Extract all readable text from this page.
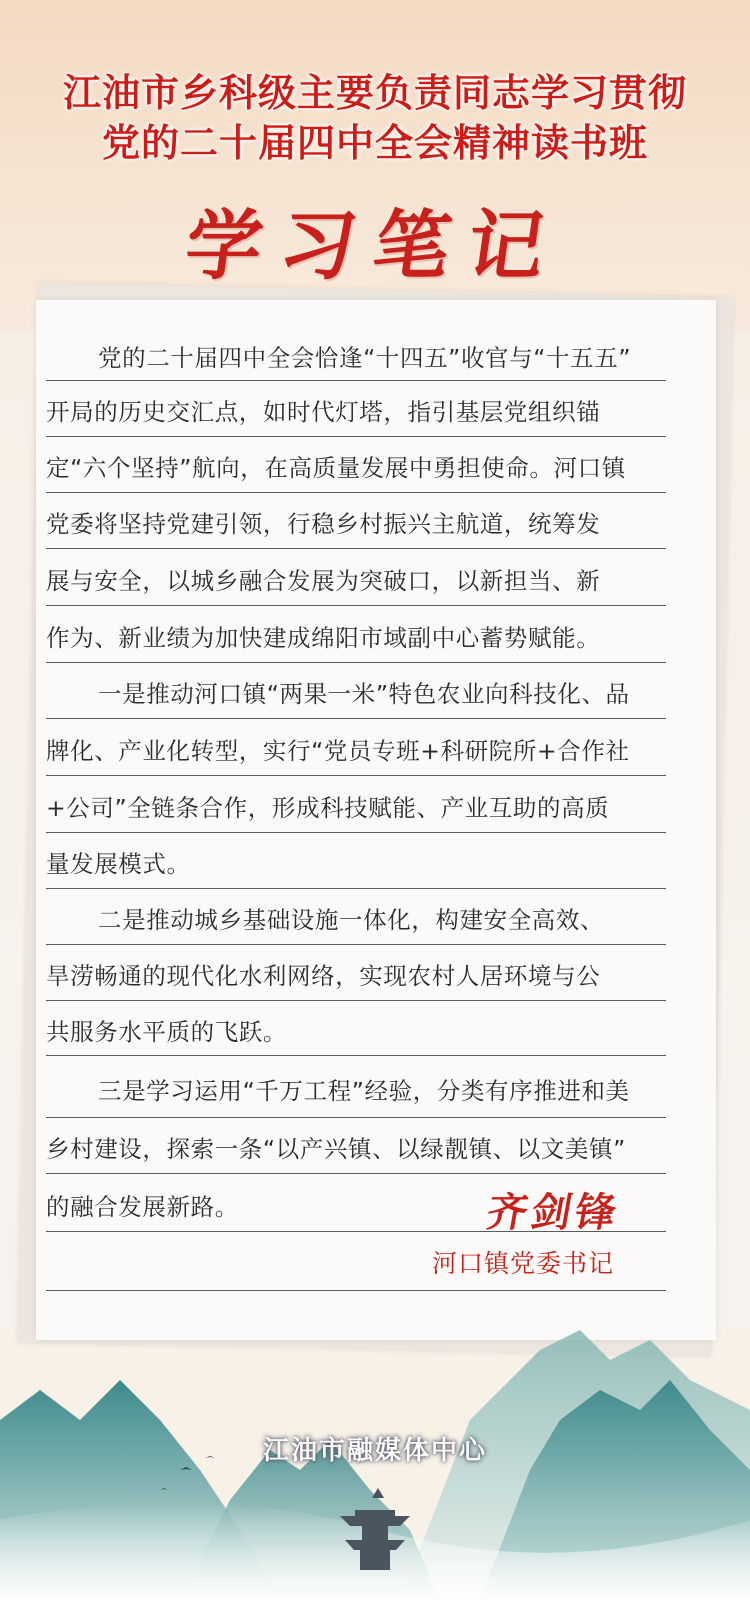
江油市乡科级主要负责同志学习贯彻
党的二十届四中全会精神读书班
学习笔记
党的二十届四中全会恰逢“十四五”收官与“十五五”
开局的历史交汇点，如时代灯塔，指引基层党组织锚
定“六个坚持”航向，在高质量发展中勇担使命。河口镇
党委将坚持党建引领，行稳乡村振兴主航道，统筹发
展与安全，以城乡融合发展为突破口，以新担当、新
作为、新业绩为加快建成绵阳市域副中心蓄势赋能。
一是推动河口镇“两果一米”特色农业向科技化、品
牌化、产业化转型，实行“党员专班+科研院所+合作社
+公司”全链条合作，形成科技赋能、产业互助的高质
量发展模式。
二是推动城乡基础设施一体化，构建安全高效、
旱涝畅通的现代化水利网络，实现农村人居环境与公
共服务水平质的飞跃。
三是学习运用“千万工程”经验，分类有序推进和美
乡村建设，探索一条“以产兴镇、以绿靓镇、以文美镇”
的融合发展新路。	齐剑锋
河口镇党委书记
江油市融媒体中心
